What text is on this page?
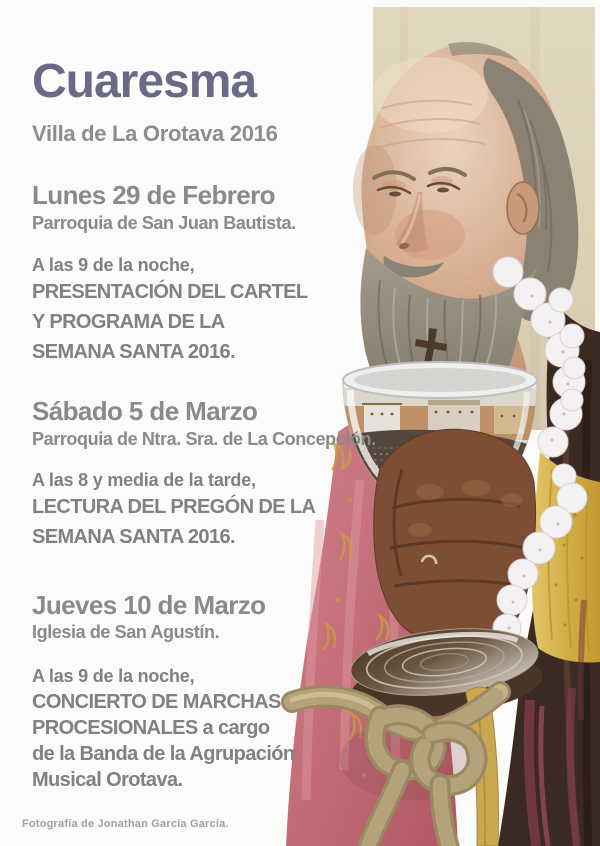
Cuaresma
Villa de La Orotava 2016
Lunes 29 de Febrero
Parroquia de San Juan Bautista.
A las 9 de la noche,
PRESENTACIÓN DEL CARTEL
Y PROGRAMA DE LA
SEMANA SANTA 2016.
Sábado 5 de Marzo
Parroquia de Ntra. Sra. de La Concepción.
A las 8 y media de la tarde,
LECTURA DEL PREGÓN DE LA
SEMANA SANTA 2016.
Jueves 10 de Marzo
Iglesia de San Agustín.
A las 9 de la noche,
CONCIERTO DE MARCHAS
PROCESIONALES a cargo
de la Banda de la Agrupación
Musical Orotava.
Fotografía de Jonathan García García.
